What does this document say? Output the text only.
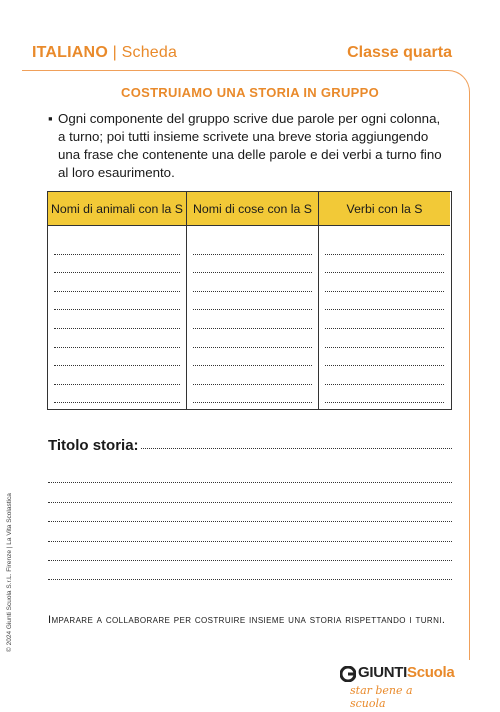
ITALIANO | Scheda	Classe quarta
COSTRUIAMO UNA STORIA IN GRUPPO
▪ Ogni componente del gruppo scrive due parole per ogni colonna, a turno; poi tutti insieme scrivete una breve storia aggiungendo una frase che contenente una delle parole e dei verbi a turno fino al loro esaurimento.
Nomi di animali con la S Nomi di cose con la S	Verbi con la S
Titolo storia:
Imparare a collaborare per costruire insieme una storia rispettando i turni.
© 2024 Giunti Scuola S.r.L. Firenze | La Vita Scolastica
GIUNTIScuola
star bene a scuola
